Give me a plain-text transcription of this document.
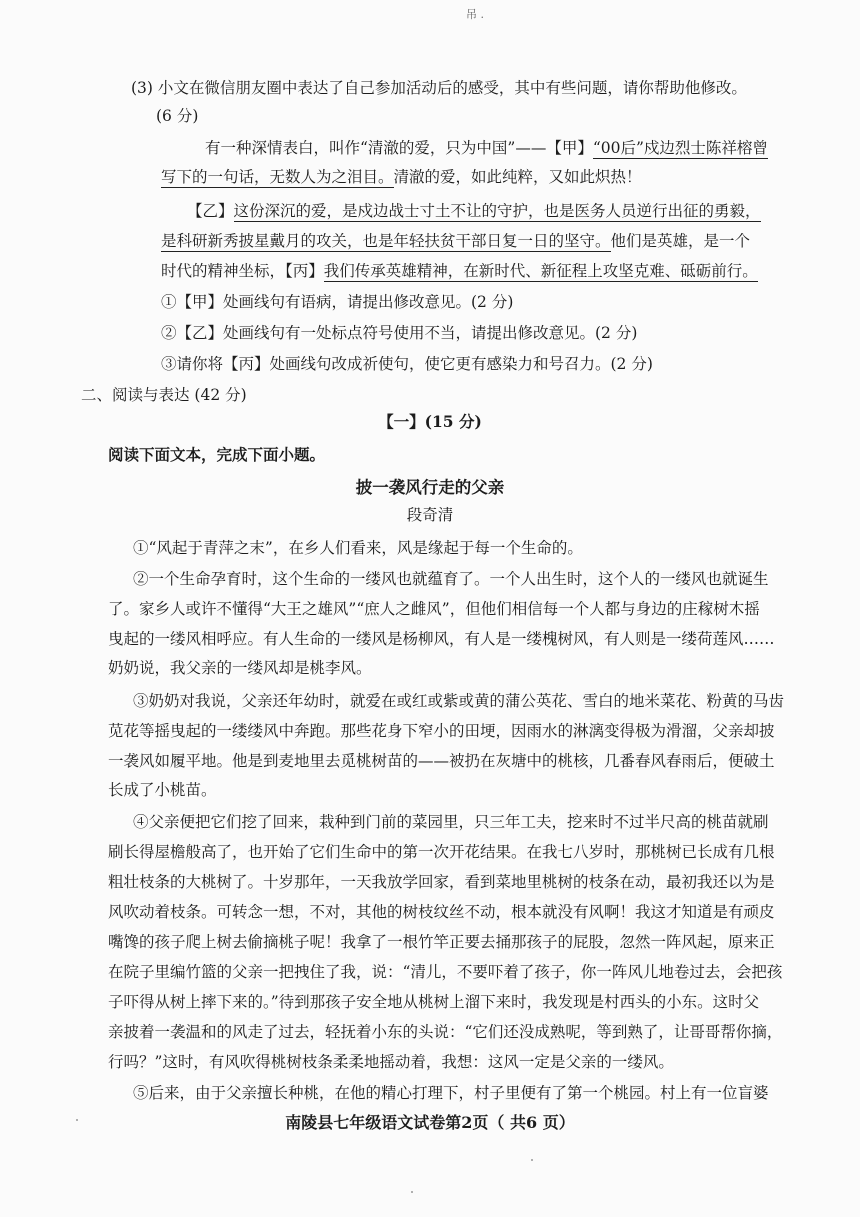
吊 .
(3) 小文在微信朋友圈中表达了自己参加活动后的感受，其中有些问题，请你帮助他修改。
(6 分)
有一种深情表白，叫作“清澈的爱，只为中国”——【甲】“00后”戍边烈士陈祥榕曾
写下的一句话，无数人为之泪目。清澈的爱，如此纯粹，又如此炽热！
【乙】这份深沉的爱，是戍边战士寸土不让的守护，也是医务人员逆行出征的勇毅，
是科研新秀披星戴月的攻关，也是年轻扶贫干部日复一日的坚守。他们是英雄，是一个
时代的精神坐标，【丙】我们传承英雄精神，在新时代、新征程上攻坚克难、砥砺前行。
①【甲】处画线句有语病，请提出修改意见。(2 分)
②【乙】处画线句有一处标点符号使用不当，请提出修改意见。(2 分)
③请你将【丙】处画线句改成祈使句，使它更有感染力和号召力。(2 分)
二、阅读与表达 (42 分)
【一】(15 分)
阅读下面文本，完成下面小题。
披一袭风行走的父亲
段奇清
①“风起于青萍之末”，在乡人们看来，风是缘起于每一个生命的。
②一个生命孕育时，这个生命的一缕风也就蕴育了。一个人出生时，这个人的一缕风也就诞生
了。家乡人或许不懂得“大王之雄风”“庶人之雌风”，但他们相信每一个人都与身边的庄稼树木摇
曳起的一缕风相呼应。有人生命的一缕风是杨柳风，有人是一缕槐树风，有人则是一缕荷莲风……
奶奶说，我父亲的一缕风却是桃李风。
③奶奶对我说，父亲还年幼时，就爱在或红或紫或黄的蒲公英花、雪白的地米菜花、粉黄的马齿
苋花等摇曳起的一缕缕风中奔跑。那些花身下窄小的田埂，因雨水的淋漓变得极为滑溜，父亲却披
一袭风如履平地。他是到麦地里去觅桃树苗的——被扔在灰塘中的桃核，几番春风春雨后，便破土
长成了小桃苗。
④父亲便把它们挖了回来，栽种到门前的菜园里，只三年工夫，挖来时不过半尺高的桃苗就刷
刷长得屋檐般高了，也开始了它们生命中的第一次开花结果。在我七八岁时，那桃树已长成有几根
粗壮枝条的大桃树了。十岁那年，一天我放学回家，看到菜地里桃树的枝条在动，最初我还以为是
风吹动着枝条。可转念一想，不对，其他的树枝纹丝不动，根本就没有风啊！我这才知道是有顽皮
嘴馋的孩子爬上树去偷摘桃子呢！我拿了一根竹竿正要去捅那孩子的屁股，忽然一阵风起，原来正
在院子里编竹篮的父亲一把拽住了我，说：“清儿，不要吓着了孩子，你一阵风儿地卷过去，会把孩
子吓得从树上摔下来的。”待到那孩子安全地从桃树上溜下来时，我发现是村西头的小东。这时父
亲披着一袭温和的风走了过去，轻抚着小东的头说：“它们还没成熟呢，等到熟了，让哥哥帮你摘，
行吗？”这时，有风吹得桃树枝条柔柔地摇动着，我想：这风一定是父亲的一缕风。
⑤后来，由于父亲擅长种桃，在他的精心打理下，村子里便有了第一个桃园。村上有一位盲婆
南陵县七年级语文试卷第2页（ 共6 页）
